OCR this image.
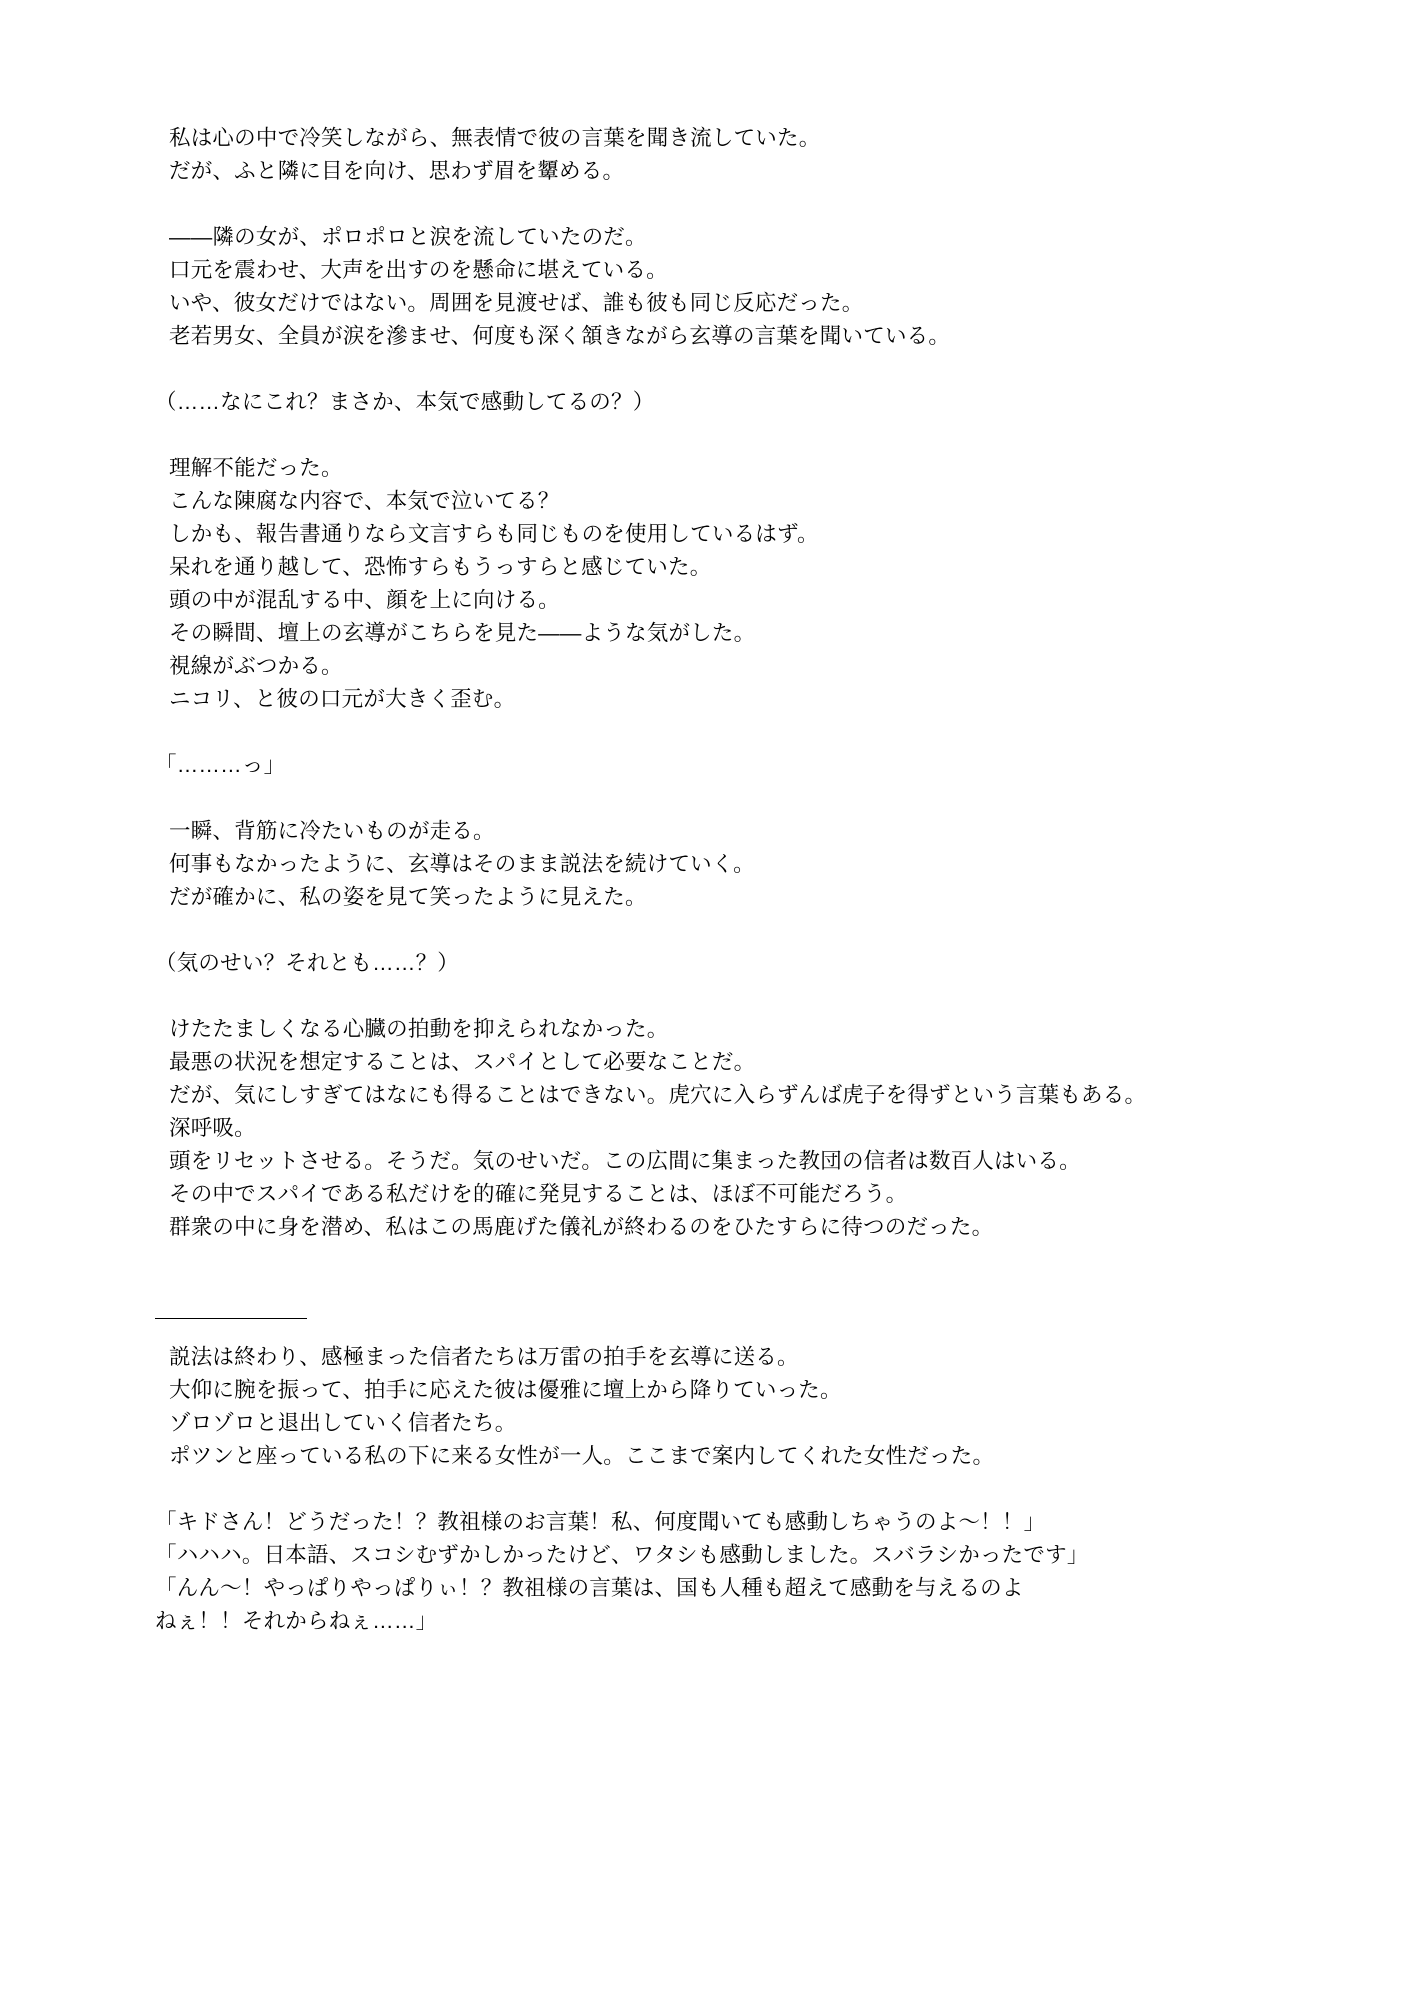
私は心の中で冷笑しながら、無表情で彼の言葉を聞き流していた。
だが、ふと隣に目を向け、思わず眉を顰める。
――隣の女が、ポロポロと涙を流していたのだ。
口元を震わせ、大声を出すのを懸命に堪えている。
いや、彼女だけではない。周囲を見渡せば、誰も彼も同じ反応だった。
老若男女、全員が涙を滲ませ、何度も深く頷きながら玄導の言葉を聞いている。
（……なにこれ？まさか、本気で感動してるの？）
理解不能だった。
こんな陳腐な内容で、本気で泣いてる？
しかも、報告書通りなら文言すらも同じものを使用しているはず。
呆れを通り越して、恐怖すらもうっすらと感じていた。
頭の中が混乱する中、顔を上に向ける。
その瞬間、壇上の玄導がこちらを見た――ような気がした。
視線がぶつかる。
ニコリ、と彼の口元が大きく歪む。
「………っ」
一瞬、背筋に冷たいものが走る。
何事もなかったように、玄導はそのまま説法を続けていく。
だが確かに、私の姿を見て笑ったように見えた。
（気のせい？それとも……？）
けたたましくなる心臓の拍動を抑えられなかった。
最悪の状況を想定することは、スパイとして必要なことだ。
だが、気にしすぎてはなにも得ることはできない。虎穴に入らずんば虎子を得ずという言葉もある。
深呼吸。
頭をリセットさせる。そうだ。気のせいだ。この広間に集まった教団の信者は数百人はいる。
その中でスパイである私だけを的確に発見することは、ほぼ不可能だろう。
群衆の中に身を潜め、私はこの馬鹿げた儀礼が終わるのをひたすらに待つのだった。
説法は終わり、感極まった信者たちは万雷の拍手を玄導に送る。
大仰に腕を振って、拍手に応えた彼は優雅に壇上から降りていった。
ゾロゾロと退出していく信者たち。
ポツンと座っている私の下に来る女性が一人。ここまで案内してくれた女性だった。
「キドさん！どうだった！？教祖様のお言葉！私、何度聞いても感動しちゃうのよ～！！」
「ハハハ。日本語、スコシむずかしかったけど、ワタシも感動しました。スバラシかったです」
「んん～！やっぱりやっぱりぃ！？教祖様の言葉は、国も人種も超えて感動を与えるのよ
ねぇ！！それからねぇ……」
